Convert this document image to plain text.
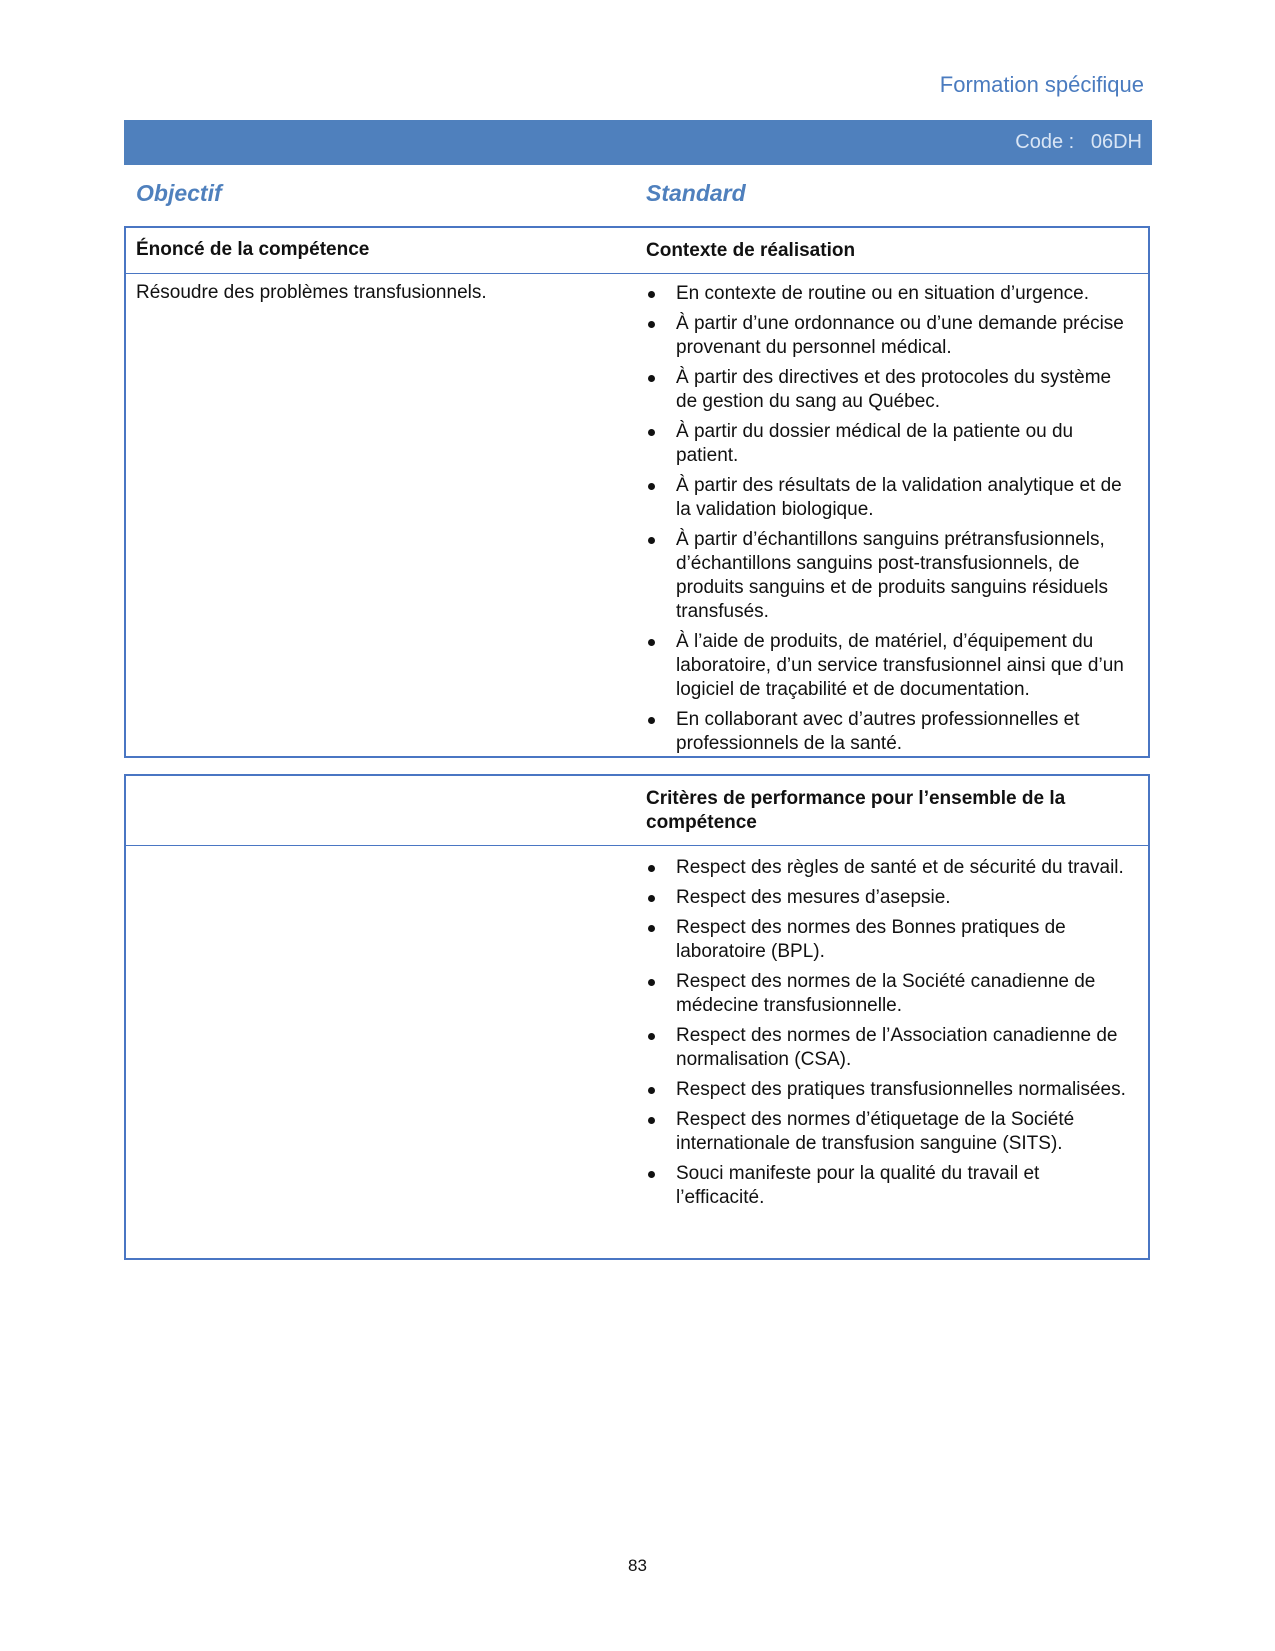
Formation spécifique
Code :   06DH
Objectif	Standard
Énoncé de la compétence	Contexte de réalisation
Résoudre des problèmes transfusionnels.	En contexte de routine ou en situation d’urgence.
À partir d’une ordonnance ou d’une demande précise provenant du personnel médical.
À partir des directives et des protocoles du système de gestion du sang au Québec.
À partir du dossier médical de la patiente ou du patient.
À partir des résultats de la validation analytique et de la validation biologique.
À partir d’échantillons sanguins prétransfusionnels, d’échantillons sanguins post-transfusionnels, de produits sanguins et de produits sanguins résiduels transfusés.
À l’aide de produits, de matériel, d’équipement du laboratoire, d’un service transfusionnel ainsi que d’un logiciel de traçabilité et de documentation.
En collaborant avec d’autres professionnelles et professionnels de la santé.
Critères de performance pour l’ensemble de la compétence
Respect des règles de santé et de sécurité du travail.
Respect des mesures d’asepsie.
Respect des normes des Bonnes pratiques de laboratoire (BPL).
Respect des normes de la Société canadienne de médecine transfusionnelle.
Respect des normes de l’Association canadienne de normalisation (CSA).
Respect des pratiques transfusionnelles normalisées.
Respect des normes d’étiquetage de la Société internationale de transfusion sanguine (SITS).
Souci manifeste pour la qualité du travail et l’efficacité.
83
